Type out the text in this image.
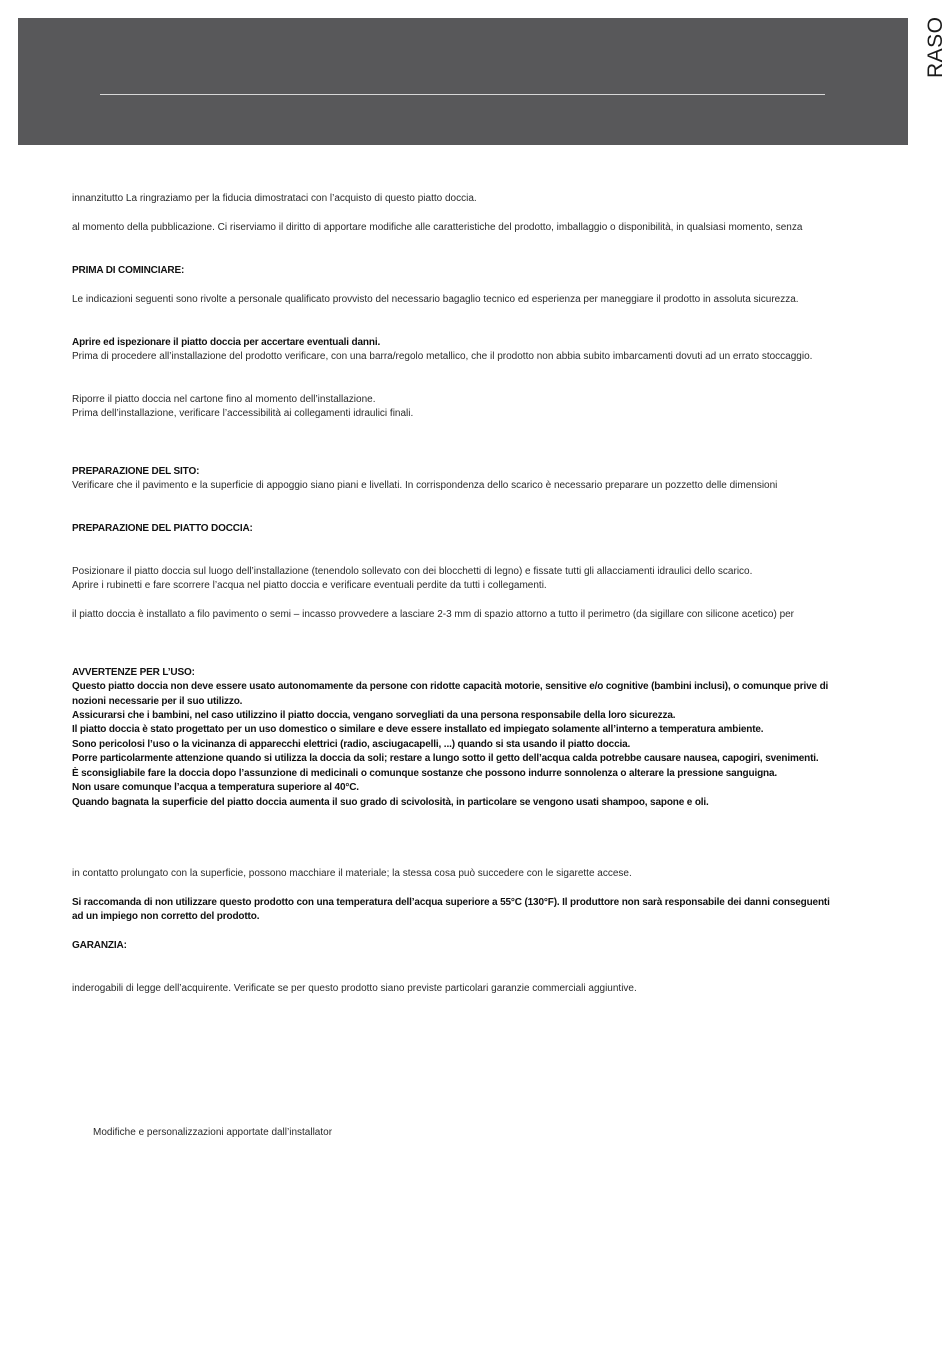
RASO
innanzitutto La ringraziamo per la fiducia dimostrataci con l’acquisto di questo piatto doccia.
al momento della pubblicazione. Ci riserviamo il diritto di apportare modifiche alle caratteristiche del prodotto, imballaggio o disponibilità, in qualsiasi momento, senza
PRIMA DI COMINCIARE:
Le indicazioni seguenti sono rivolte a personale qualificato provvisto del necessario bagaglio tecnico ed esperienza per maneggiare il prodotto in assoluta sicurezza.
Aprire ed ispezionare il piatto doccia per accertare eventuali danni.
Prima di procedere all’installazione del prodotto verificare, con una barra/regolo metallico, che il prodotto non abbia subito imbarcamenti dovuti ad un errato stoccaggio.
Riporre il piatto doccia nel cartone fino al momento dell’installazione.
Prima dell’installazione, verificare l’accessibilità ai collegamenti idraulici finali.
PREPARAZIONE DEL SITO:
Verificare che il pavimento e la superficie di appoggio siano piani e livellati. In corrispondenza dello scarico è necessario preparare un pozzetto delle dimensioni
PREPARAZIONE DEL PIATTO DOCCIA:
Posizionare il piatto doccia sul luogo dell’installazione (tenendolo sollevato con dei blocchetti di legno) e fissate tutti gli allacciamenti idraulici dello scarico.
Aprire i rubinetti e fare scorrere l’acqua nel piatto doccia e verificare eventuali perdite da tutti i collegamenti.
il piatto doccia è installato a filo pavimento o semi – incasso provvedere a lasciare 2-3 mm di spazio attorno a tutto il perimetro (da sigillare con silicone acetico) per
AVVERTENZE PER L’USO:
Questo piatto doccia non deve essere usato autonomamente da persone con ridotte capacità motorie, sensitive e/o cognitive (bambini inclusi), o comunque prive di
nozioni necessarie per il suo utilizzo.
Assicurarsi che i bambini, nel caso utilizzino il piatto doccia, vengano sorvegliati da una persona responsabile della loro sicurezza.
Il piatto doccia è stato progettato per un uso domestico o similare e deve essere installato ed impiegato solamente all’interno a temperatura ambiente.
Sono pericolosi l’uso o la vicinanza di apparecchi elettrici (radio, asciugacapelli, ...) quando si sta usando il piatto doccia.
Porre particolarmente attenzione quando si utilizza la doccia da soli; restare a lungo sotto il getto dell’acqua calda potrebbe causare nausea, capogiri, svenimenti.
È sconsigliabile fare la doccia dopo l’assunzione di medicinali o comunque sostanze che possono indurre sonnolenza o alterare la pressione sanguigna.
Non usare comunque l’acqua a temperatura superiore al 40°C.
Quando bagnata la superficie del piatto doccia aumenta il suo grado di scivolosità, in particolare se vengono usati shampoo, sapone e oli.
in contatto prolungato con la superficie, possono macchiare il materiale; la stessa cosa può succedere con le sigarette accese.
Si raccomanda di non utilizzare questo prodotto con una temperatura dell’acqua superiore a 55°C (130°F). Il produttore non sarà responsabile dei danni conseguenti
ad un impiego non corretto del prodotto.
GARANZIA:
inderogabili di legge dell’acquirente. Verificate se per questo prodotto siano previste particolari garanzie commerciali aggiuntive.
Modifiche e personalizzazioni apportate dall’installator
